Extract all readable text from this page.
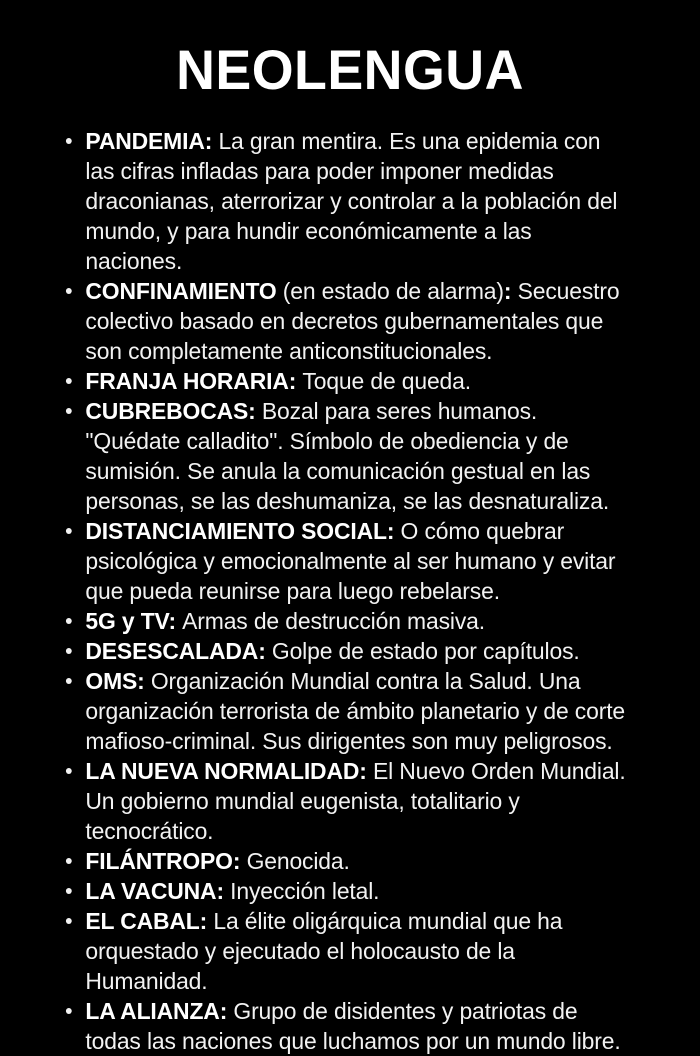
NEOLENGUA
PANDEMIA: La gran mentira. Es una epidemia con las cifras infladas para poder imponer medidas draconianas, aterrorizar y controlar a la población del mundo, y para hundir económicamente a las naciones.
CONFINAMIENTO (en estado de alarma): Secuestro colectivo basado en decretos gubernamentales que son completamente anticonstitucionales.
FRANJA HORARIA: Toque de queda.
CUBREBOCAS: Bozal para seres humanos. "Quédate calladito". Símbolo de obediencia y de sumisión. Se anula la comunicación gestual en las personas, se las deshumaniza, se las desnaturaliza.
DISTANCIAMIENTO SOCIAL: O cómo quebrar psicológica y emocionalmente al ser humano y evitar que pueda reunirse para luego rebelarse.
5G y TV: Armas de destrucción masiva.
DESESCALADA: Golpe de estado por capítulos.
OMS: Organización Mundial contra la Salud. Una organización terrorista de ámbito planetario y de corte mafioso-criminal. Sus dirigentes son muy peligrosos.
LA NUEVA NORMALIDAD: El Nuevo Orden Mundial. Un gobierno mundial eugenista, totalitario y tecnocrático.
FILÁNTROPO: Genocida.
LA VACUNA: Inyección letal.
EL CABAL: La élite oligárquica mundial que ha orquestado y ejecutado el holocausto de la Humanidad.
LA ALIANZA: Grupo de disidentes y patriotas de todas las naciones que luchamos por un mundo libre.
